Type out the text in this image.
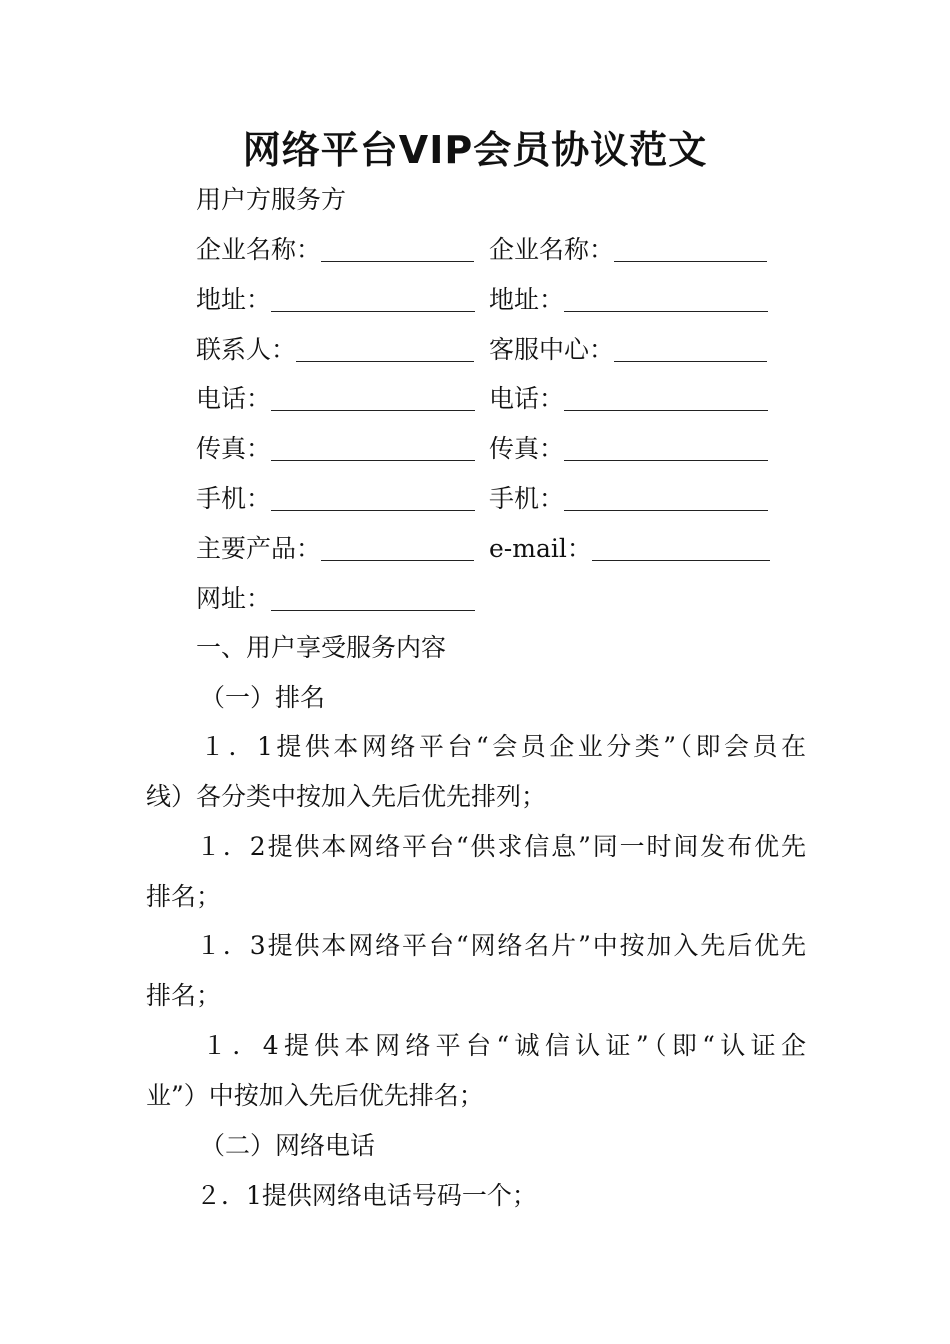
网络平台VIP会员协议范文
用户方服务方
企业名称：	企业名称：
地址：	地址：
联系人：	客服中心：
电话：	电话：
传真：	传真：
手机：	手机：
主要产品：	e-mail：
网址：
一、用户享受服务内容
（一）排名
１．1提供本网络平台“会员企业分类”（即会员在
线）各分类中按加入先后优先排列；
１．2提供本网络平台“供求信息”同一时间发布优先
排名；
１．3提供本网络平台“网络名片”中按加入先后优先
排名；
１．4提供本网络平台“诚信认证”（即“认证企
业”）中按加入先后优先排名；
（二）网络电话
２．1提供网络电话号码一个；
